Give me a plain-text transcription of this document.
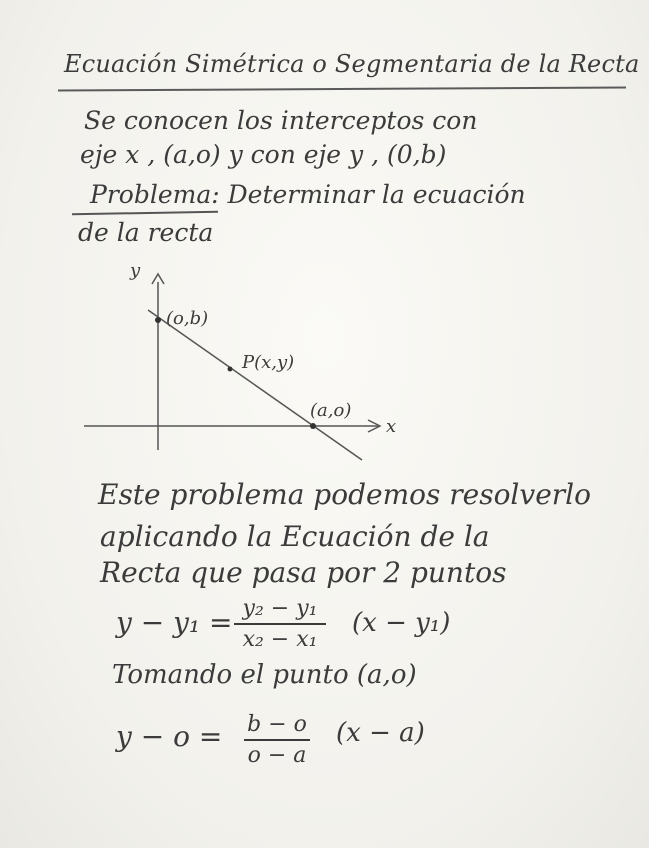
Ecuación Simétrica o Segmentaria de la Recta
Se conocen los interceptos con
eje x , (a,o) y con eje y , (0,b)
Problema: Determinar la ecuación
de la recta
y
x
(o,b)
P(x,y)
(a,o)
Este problema podemos resolverlo
aplicando la Ecuación de la
Recta que pasa por 2 puntos
y − y₁ = y₂ − y₁
x₂ − x₁
(x − y₁)
Tomando el punto (a,o)
y − o = b − o
o − a
(x − a)
